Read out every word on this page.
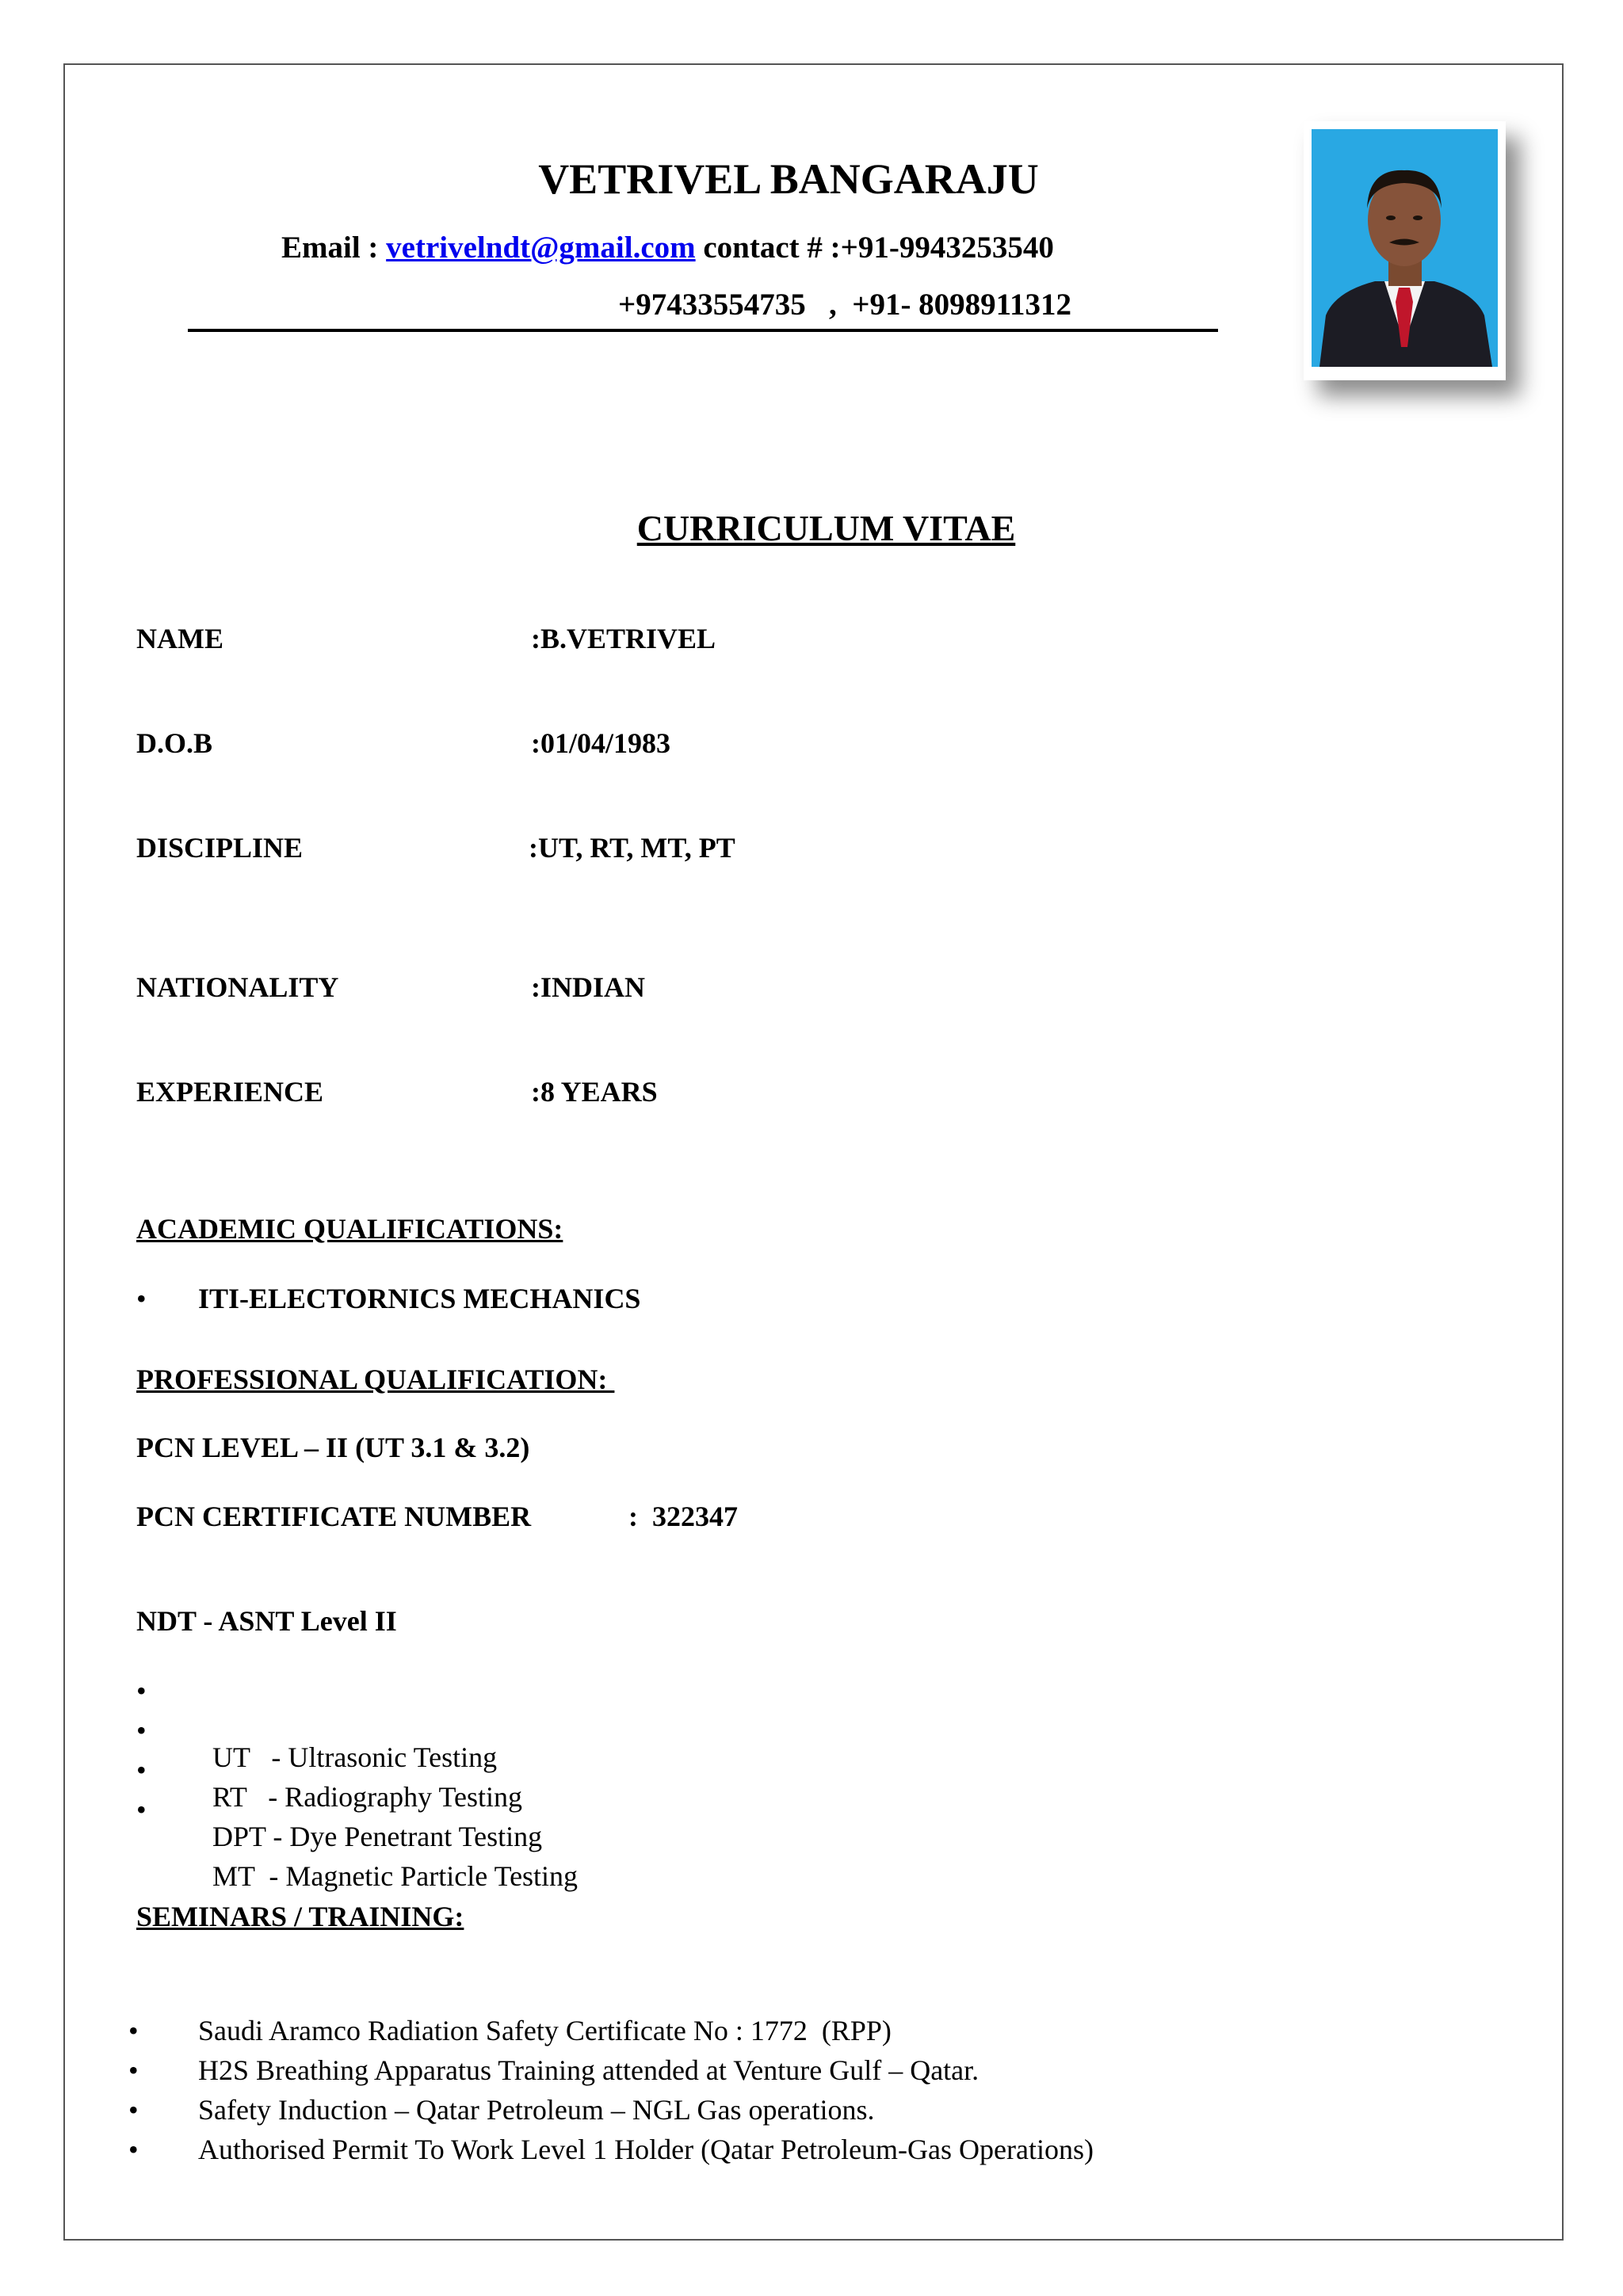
VETRIVEL BANGARAJU
Email : vetrivelndt@gmail.com contact # :+91-9943253540
+97433554735   ,  +91- 8098911312
CURRICULUM VITAE
NAME	:B.VETRIVEL
D.O.B	:01/04/1983
DISCIPLINE	:UT, RT, MT, PT
NATIONALITY	:INDIAN
EXPERIENCE	:8 YEARS
ACADEMIC QUALIFICATIONS:
• ITI-ELECTORNICS MECHANICS
PROFESSIONAL QUALIFICATION:
PCN LEVEL – II (UT 3.1 & 3.2)
PCN CERTIFICATE NUMBER	:  322347
NDT - ASNT Level II

•

UT   - Ultrasonic Testing

•

RT   - Radiography Testing

•

DPT - Dye Penetrant Testing

•

MT  - Magnetic Particle Testing

SEMINARS / TRAINING:
• Saudi Aramco Radiation Safety Certificate No : 1772  (RPP)
• H2S Breathing Apparatus Training attended at Venture Gulf – Qatar.
• Safety Induction – Qatar Petroleum – NGL Gas operations.
• Authorised Permit To Work Level 1 Holder (Qatar Petroleum-Gas Operations)
